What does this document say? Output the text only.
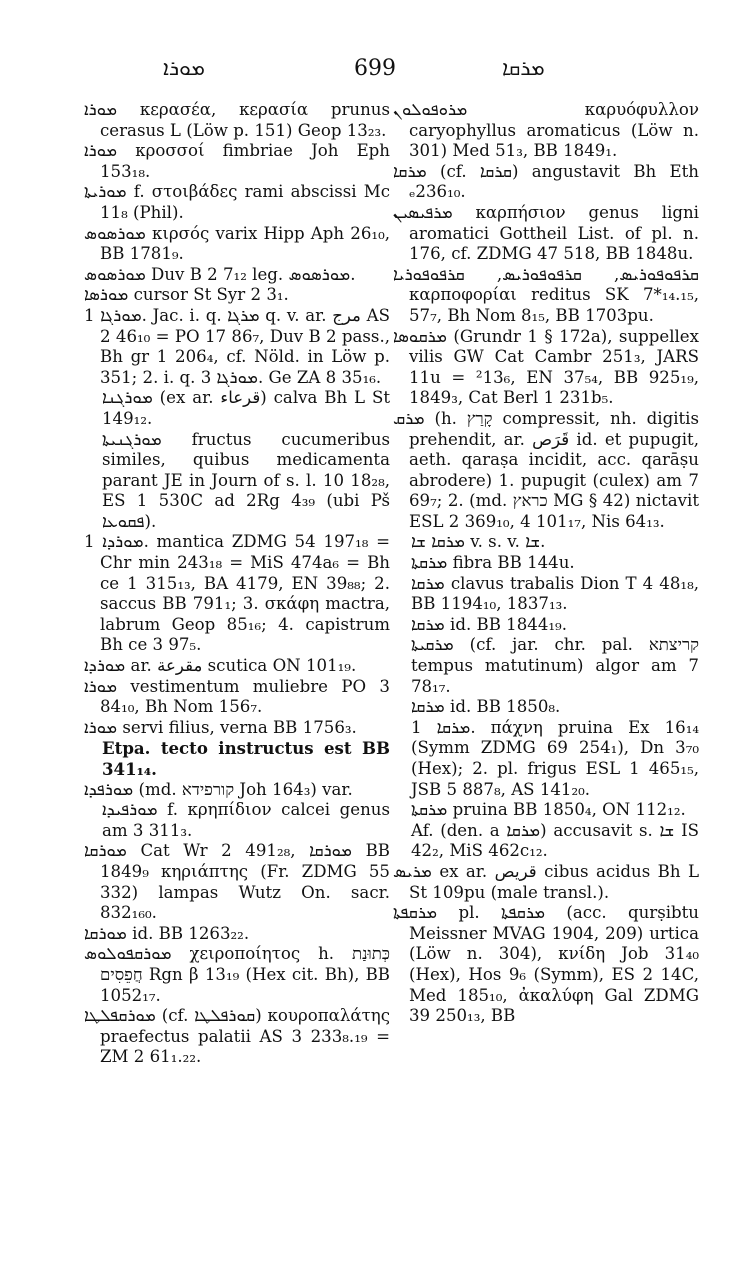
ܡܘܪܐ	699	ܡܪܩܐ

ܡܘܪܐ κερασέα, κερασία prunus cerasus L (Löw p. 151) Geop 13₂₃.

ܡܘܪܐ κροσσοί fimbriae Joh Eph 153₁₈.

ܡܘܪܝܬܐ f. στοιβάδες rami abscissi Mc 11₈ (Phil).

ܡܘܪܣܘܣ κιρσός varix Hipp Aph 26₁₀, BB 1781₉.

ܡܘܪܣܘܣ Duv B 2 7₁₂ leg. ܡܘܪܣܘܣ.

ܡܘܪܣܐ cursor St Syr 2 3₁.

ܡܘܪܓܐ 1. Jac. i. q. ܡܪܓܐ q. v. ar. ﻣﺮﺝ AS 2 46₁₀ = PO 17 86₇, Duv B 2 pass., Bh gr 1 206₄, cf. Nöld. in Löw p. 351; 2. i. q. ܡܘܪܓܐ 3. Ge ZA 8 35₁₆.

ܡܘܪܓܢܐ (ex ar. ﻗﺮﻋﺎﺀ) calva Bh L St 149₁₂.

ܡܘܪܓܢܝܬܐ fructus cucumeribus similes, quibus medicamenta parant JE in Journ of s. l. 10 18₂₈, ES 1 530C ad 2Rg 4₃₉ (ubi Pš ܦܩܘܥܐ).

ܡܘܪܕܐ 1. mantica ZDMG 54 197₁₈ = Chr min 243₁₈ = MiS 474a₆ = Bh ce 1 315₁₃, BA 4179, EN 39₈₈; 2. saccus BB 791₁; 3. σκάφη mactra, labrum Geop 85₁₆; 4. capistrum Bh ce 3 97₅.

ܡܘܪܕܐ ar. ﻣﻘﺮﻋﺔ scutica ON 101₁₉.

ܡܘܪܐ vestimentum muliebre PO 3 84₁₀, Bh Nom 156₇.

ܡܘܪܐ servi filius, verna BB 1756₃.

Etpa. tecto instructus est BB 341₁₄.

ܡܘܪܦܕܐ (md. קורפידא Joh 164₃) var.

ܡܘܪܦܝܕܐ f. κρηπίδιον calcei genus am 3 311₃.

ܡܘܪܩܐ Cat Wr 2 491₂₈, ܡܘܪܩܐ BB 1849₉ κηριάπτης (Fr. ZDMG 55 332) lampas Wutz On. sacr. 832₁₆₀.

ܡܘܪܩܐ id. BB 1263₂₂.

ܡܘܪܩܦܘܠܘܣ χειροποίητος h. כְּתוּנַת חֲפֵסִים Rgn β 13₁₉ (Hex cit. Bh), BB 1052₁₇.

ܡܘܪܩܦܠܛܐ (cf. ܩܘܪܦܠܛܐ) κουροπαλάτης praefectus palatii AS 3 233₈.₁₉ = ZM 2 61₁.₂₂.

ܡܪܘܦܘܠܘܢ καρυόφυλλον caryophyllus aromaticus (Löw n. 301) Med 51₃, BB 1849₁.

ܡܪܩܐ (cf. ܩܪܩܐ) angustavit Bh Eth ₑ236₁₀.

ܡܪܦܝܣܝܢ καρπήσιον genus ligni aromatici Gottheil List. of pl. n. 176, cf. ZDMG 47 518, BB 1848u.

ܩܪܦܘܦܘܪܝܣ, ܩܪܦܘܦܘܪܝܣ, ܩܪܦܘܦܘܪܝܐ καρποφορίαι reditus SK 7*₁₄.₁₅, 57₇, Bh Nom 8₁₅, BB 1703pu.

ܡܪܩܘܣܐ (Grundr 1 § 172a), suppellex vilis GW Cat Cambr 251₃, JARS 11u = ²13₆, EN 37₅₄, BB 925₁₉, 1849₃, Cat Berl 1 231b₅.

ܡܪܩ (h. קָרַץ compressit, nh. digitis prehendit, ar. ﻗَﺮَﺹ id. et pupugit, aeth. qaraṣa incidit, acc. qarāṣu abrodere) 1. pupugit (culex) am 7 69₇; 2. (md. כראץ MG § 42) nictavit ESL 2 369₁₀, 4 101₁₇, Nis 64₁₃.

ܡܪܩܐ ܫܐ v. s. v. ܫܐ.

ܡܪܩܬܐ fibra BB 144u.

ܡܪܩܐ clavus trabalis Dion T 4 48₁₈, BB 1194₁₀, 1837₁₃.

ܡܪܩܐ id. BB 1844₁₉.

ܡܪܩܝܬܐ (cf. jar. chr. pal. קריצתא tempus matutinum) algor am 7 78₁₇.

ܡܪܩܐ id. BB 1850₈.

ܡܪܩܐ 1. πάχνη pruina Ex 16₁₄ (Symm ZDMG 69 254₁), Dn 3₇₀ (Hex); 2. pl. frigus ESL 1 465₁₅, JSB 5 887₈, AS 141₂₀.

ܡܪܩܬܐ pruina BB 1850₄, ON 112₁₂.

Af. (den. a ܡܪܩܐ) accusavit s. ܫܐ IS 42₂, MiS 462c₁₂.

ܡܪܝܣ ex ar. ﻗﺮﻳﺺ cibus acidus Bh L St 109pu (male transl.).

ܡܪܩܦܬܐ pl. ܡܪܩܦܬܐ (acc. qurṣibtu Meissner MVAG 1904, 209) urtica (Löw n. 304), κνίδη Job 31₄₀ (Hex), Hos 9₆ (Symm), ES 2 14C, Med 185₁₀, ἀκαλύφη Gal ZDMG 39 250₁₃, BB
